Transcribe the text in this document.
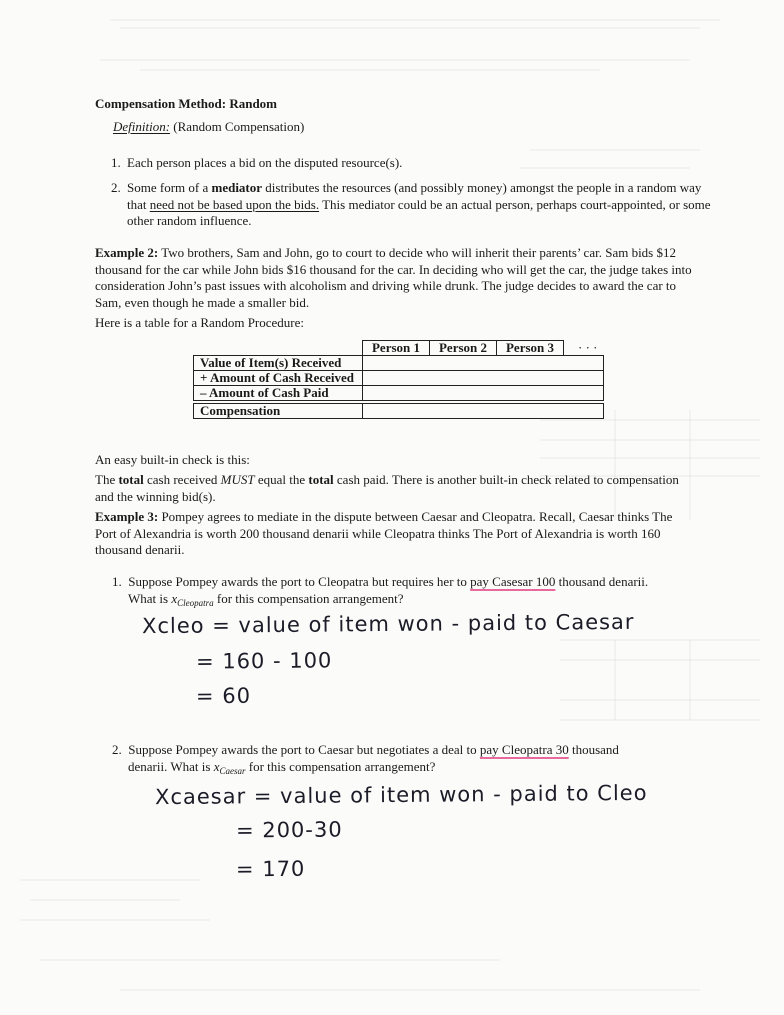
Compensation Method: Random
Definition: (Random Compensation)
1. Each person places a bid on the disputed resource(s).
2. Some form of a mediator distributes the resources (and possibly money) amongst the people in a random way that need not be based upon the bids. This mediator could be an actual person, perhaps court-appointed, or some other random influence.
Example 2: Two brothers, Sam and John, go to court to decide who will inherit their parents’ car. Sam bids $12 thousand for the car while John bids $16 thousand for the car. In deciding who will get the car, the judge takes into consideration John’s past issues with alcoholism and driving while drunk. The judge decides to award the car to Sam, even though he made a smaller bid.
Here is a table for a Random Procedure:
	Person 1	Person 2	Person 3	· · ·
Value of Item(s) Received				
+ Amount of Cash Received				
– Amount of Cash Paid				

Compensation				
An easy built-in check is this:
The total cash received MUST equal the total cash paid. There is another built-in check related to compensation and the winning bid(s).
Example 3: Pompey agrees to mediate in the dispute between Caesar and Cleopatra. Recall, Caesar thinks The Port of Alexandria is worth 200 thousand denarii while Cleopatra thinks The Port of Alexandria is worth 160 thousand denarii.
1. Suppose Pompey awards the port to Cleopatra but requires her to pay Casesar 100 thousand denarii.
What is $x_{Cleopatra}$ for this compensation arrangement?
Xcleo = value of item won - paid to Caesar
= 160 - 100
= 60
2. Suppose Pompey awards the port to Caesar but negotiates a deal to pay Cleopatra 30 thousand
denarii. What is $x_{Caesar}$ for this compensation arrangement?
Xcaesar = value of item won - paid to Cleo
= 200-30
= 170
